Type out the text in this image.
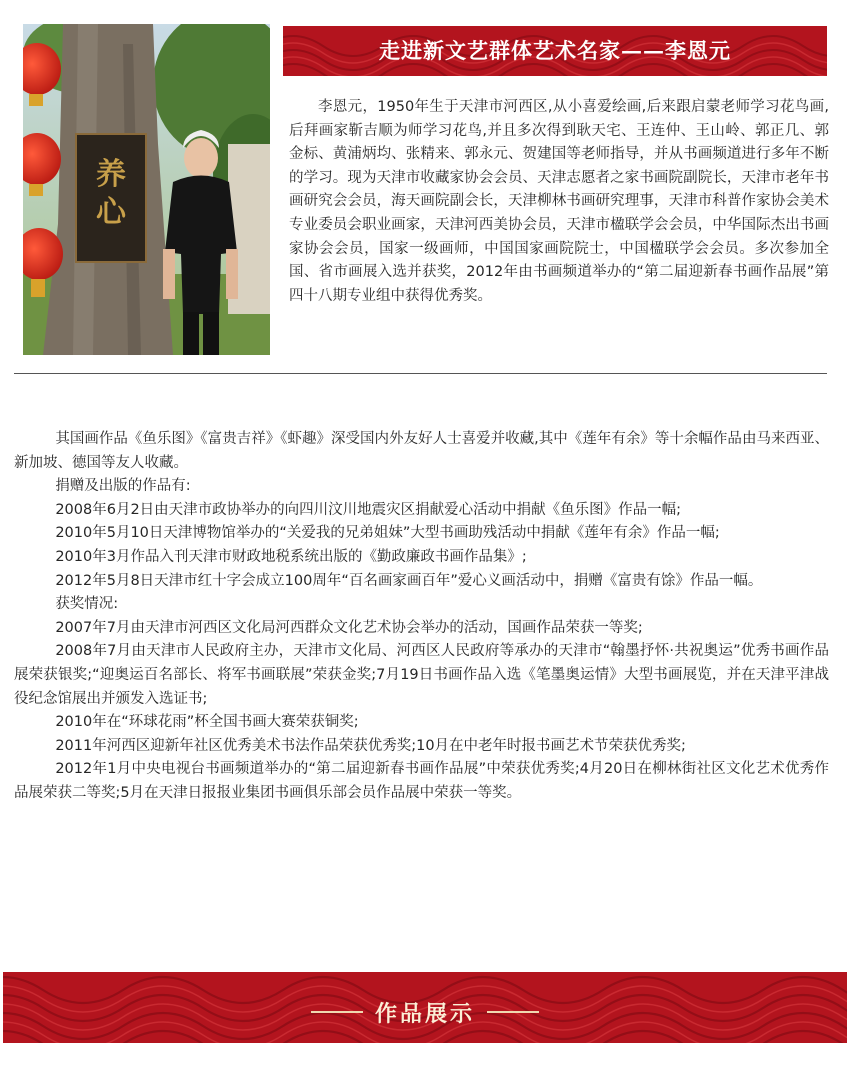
养
心
走进新文艺群体艺术名家——李恩元

李恩元，1950年生于天津市河西区,从小喜爱绘画,后来跟启蒙老师学习花鸟画,后拜画家靳吉顺为师学习花鸟,并且多次得到耿天宅、王连仲、王山岭、郭正几、郭金标、黄浦炳均、张精来、郭永元、贺建国等老师指导，并从书画频道进行多年不断的学习。现为天津市收藏家协会会员、天津志愿者之家书画院副院长，天津市老年书画研究会会员，海天画院副会长，天津柳林书画研究理事，天津市科普作家协会美术专业委员会职业画家，天津河西美协会员，天津市楹联学会会员，中华国际杰出书画家协会会员，国家一级画师，中国国家画院院士，中国楹联学会会员。多次参加全国、省市画展入选并获奖，2012年由书画频道举办的“第二届迎新春书画作品展”第四十八期专业组中获得优秀奖。

其国画作品《鱼乐图》《富贵吉祥》《虾趣》深受国内外友好人士喜爱并收藏,其中《莲年有余》等十余幅作品由马来西亚、新加坡、德国等友人收藏。

捐赠及出版的作品有:

2008年6月2日由天津市政协举办的向四川汶川地震灾区捐献爱心活动中捐献《鱼乐图》作品一幅;

2010年5月10日天津博物馆举办的“关爱我的兄弟姐妹”大型书画助残活动中捐献《莲年有余》作品一幅;

2010年3月作品入刊天津市财政地税系统出版的《勤政廉政书画作品集》;

2012年5月8日天津市红十字会成立100周年“百名画家画百年”爱心义画活动中，捐赠《富贵有馀》作品一幅。

获奖情况:

2007年7月由天津市河西区文化局河西群众文化艺术协会举办的活动，国画作品荣获一等奖;

2008年7月由天津市人民政府主办，天津市文化局、河西区人民政府等承办的天津市“翰墨抒怀·共祝奥运”优秀书画作品展荣获银奖;“迎奥运百名部长、将军书画联展”荣获金奖;7月19日书画作品入选《笔墨奥运情》大型书画展览，并在天津平津战役纪念馆展出并颁发入选证书;

2010年在“环球花雨”杯全国书画大赛荣获铜奖;

2011年河西区迎新年社区优秀美术书法作品荣获优秀奖;10月在中老年时报书画艺术节荣获优秀奖;

2012年1月中央电视台书画频道举办的“第二届迎新春书画作品展”中荣获优秀奖;4月20日在柳林街社区文化艺术优秀作品展荣获二等奖;5月在天津日报报业集团书画俱乐部会员作品展中荣获一等奖。

作品展示
